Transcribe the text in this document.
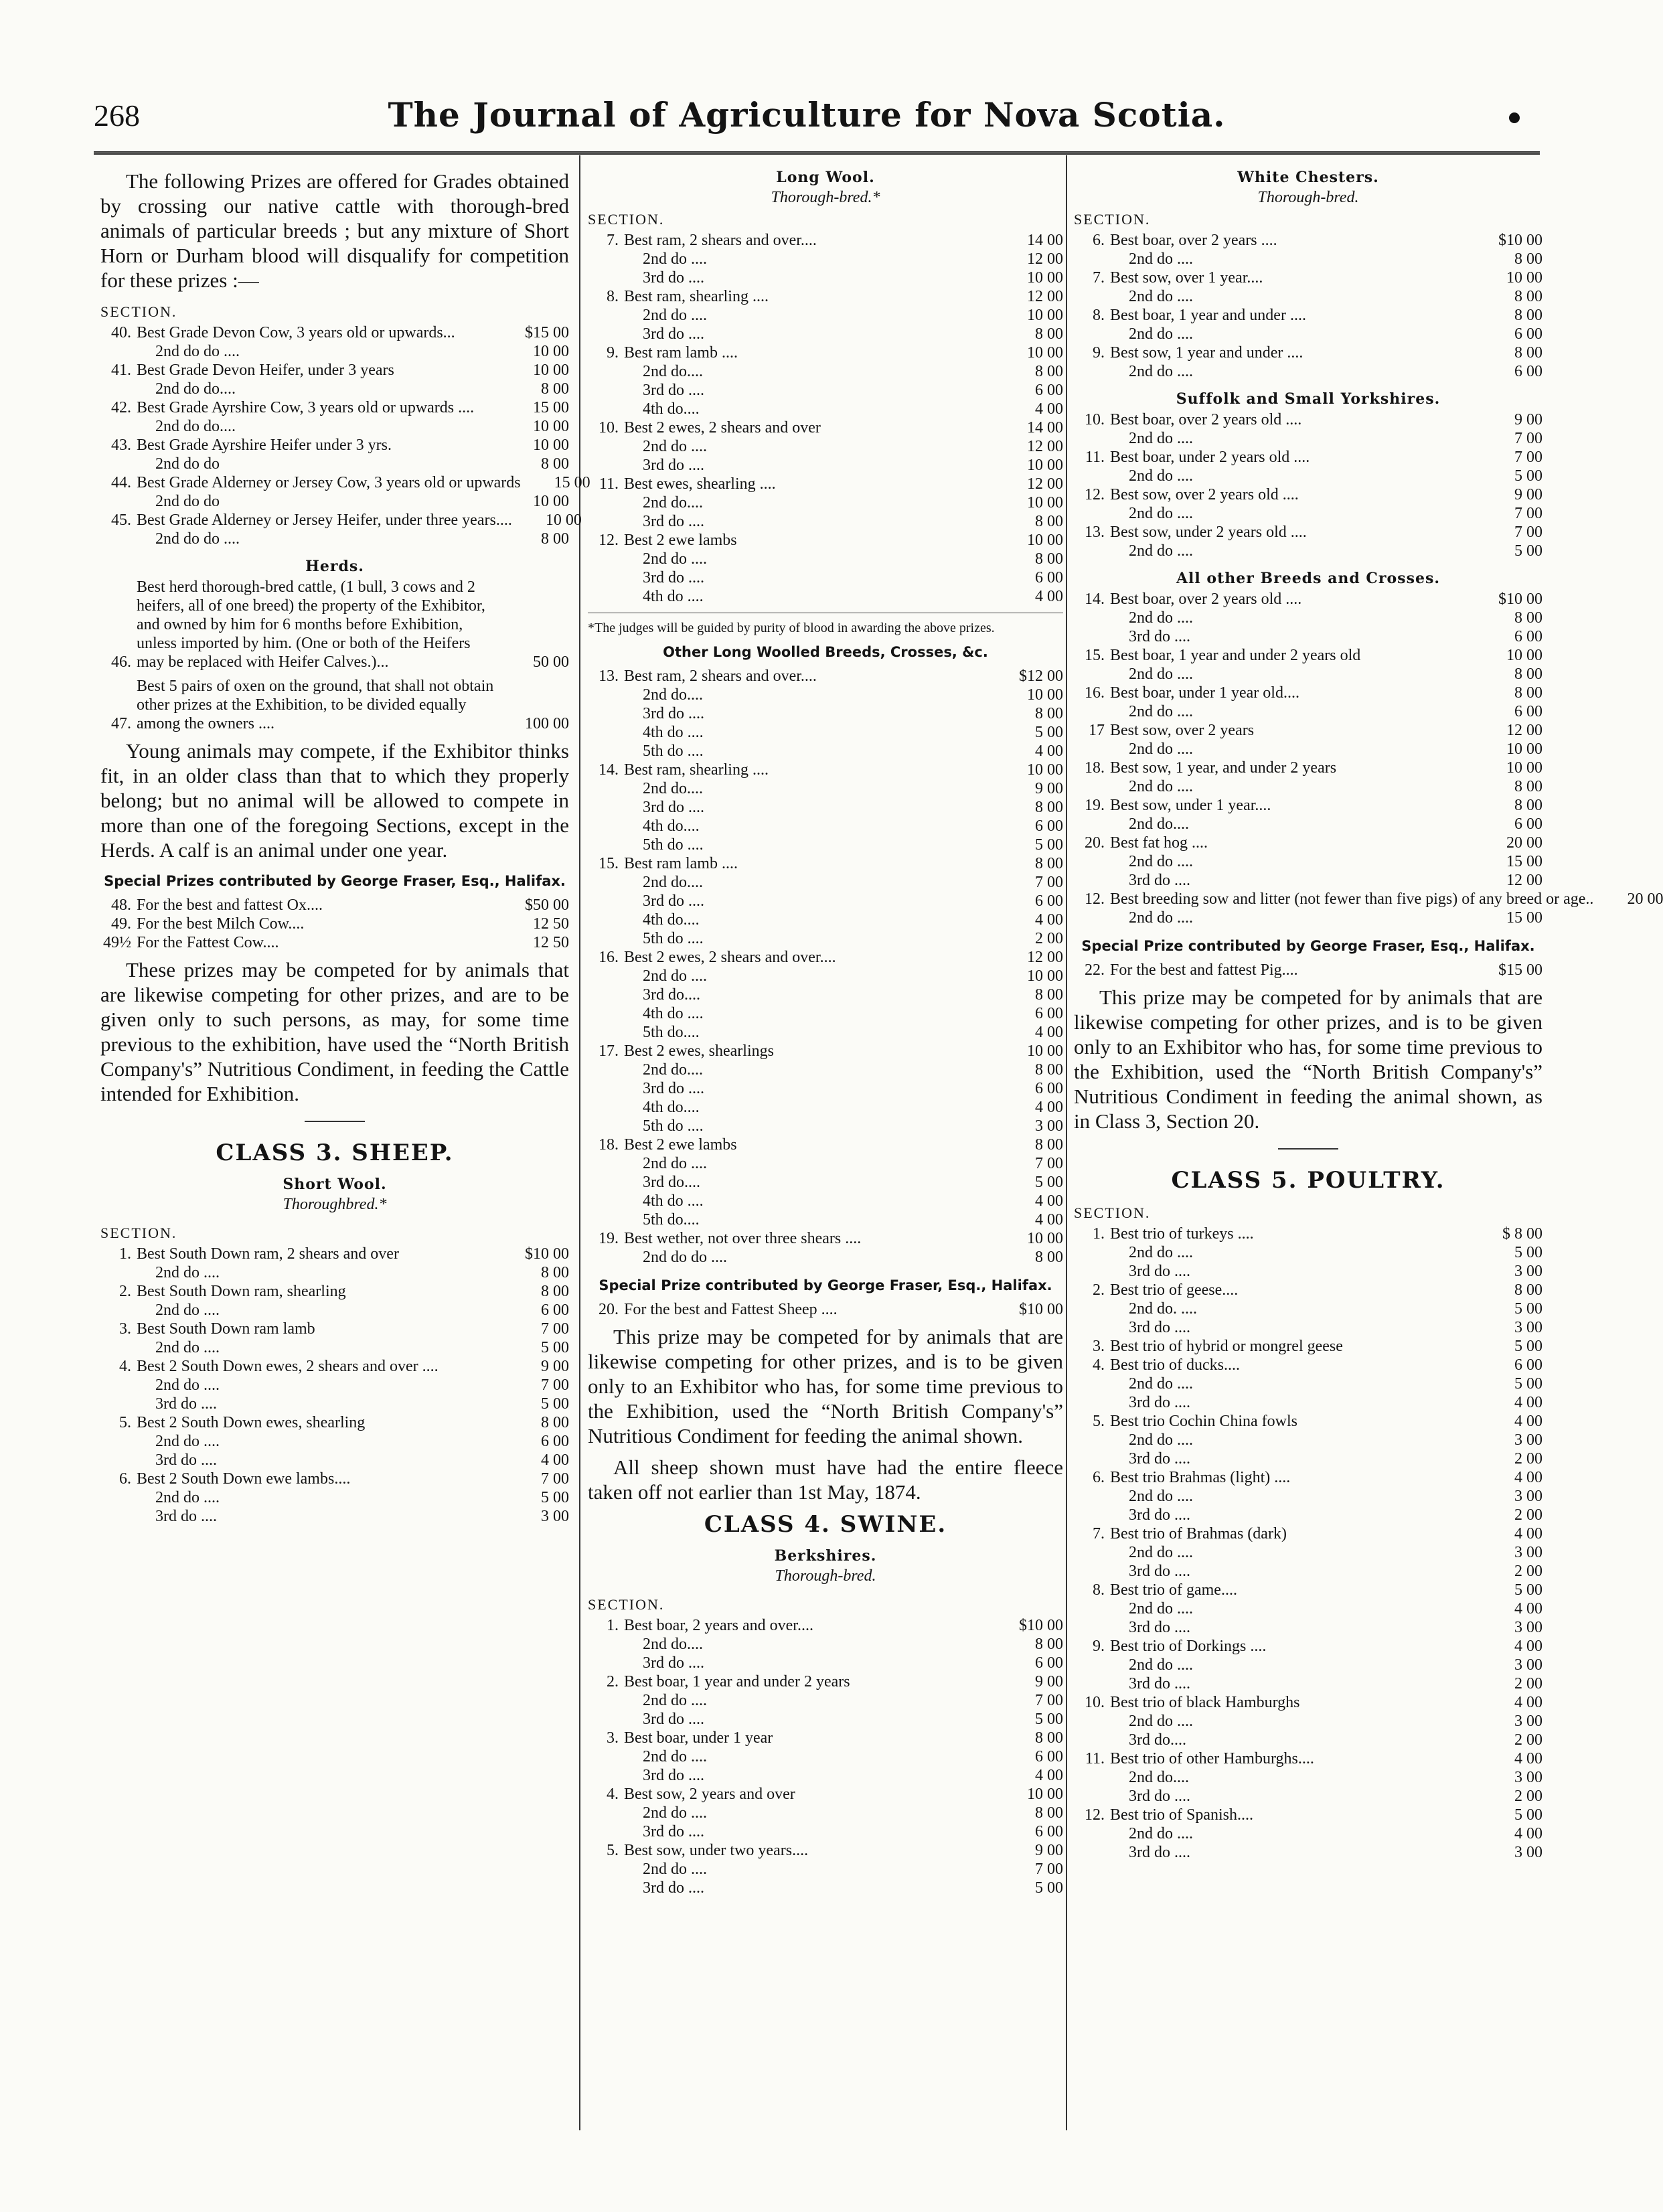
268	The Journal of Agriculture for Nova Scotia.

The following Prizes are offered for Grades obtained by crossing our native cattle with thorough-bred animals of particular breeds ; but any mixture of Short Horn or Durham blood will disqualify for competition for these prizes :—

SECTION.
40. Best Grade Devon Cow, 3 years old or upwards...	$15 00
2nd do do ....	10 00
41. Best Grade Devon Heifer, under 3 years	10 00
2nd do do....	8 00
42. Best Grade Ayrshire Cow, 3 years old or upwards ....	15 00
2nd do do....	10 00
43. Best Grade Ayrshire Heifer under 3 yrs.	10 00
2nd do do	8 00
44. Best Grade Alderney or Jersey Cow, 3 years old or upwards	15 00
2nd do do	10 00
45. Best Grade Alderney or Jersey Heifer, under three years....	10 00
2nd do do ....	8 00
Herds.
46.
Best herd thorough-bred cattle, (1 bull, 3 cows and 2 heifers, all of one breed) the property of the Exhibitor, and owned by him for 6 months before Exhibition, unless imported by him. (One or both of the Heifers may be replaced with Heifer Calves.)...	50 00
47.
Best 5 pairs of oxen on the ground, that shall not obtain other prizes at the Exhibition, to be divided equally among the owners ....	100 00

Young animals may compete, if the Exhibitor thinks fit, in an older class than that to which they properly belong; but no animal will be allowed to compete in more than one of the foregoing Sections, except in the Herds. A calf is an animal under one year.

Special Prizes contributed by George Fraser, Esq., Halifax.
48. For the best and fattest Ox....	$50 00
49. For the best Milch Cow....	12 50
49½ For the Fattest Cow....	12 50

These prizes may be competed for by animals that are likewise competing for other prizes, and are to be given only to such persons, as may, for some time previous to the exhibition, have used the “North British Company's” Nutritious Condiment, in feeding the Cattle intended for Exhibition.

CLASS 3. SHEEP.
Short Wool.
Thoroughbred.*
SECTION.
1. Best South Down ram, 2 shears and over	$10 00
2nd do ....	8 00
2. Best South Down ram, shearling	8 00
2nd do ....	6 00
3. Best South Down ram lamb	7 00
2nd do ....	5 00
4. Best 2 South Down ewes, 2 shears and over ....	9 00
2nd do ....	7 00
3rd do ....	5 00
5. Best 2 South Down ewes, shearling	8 00
2nd do ....	6 00
3rd do ....	4 00
6. Best 2 South Down ewe lambs....	7 00
2nd do ....	5 00
3rd do ....	3 00
Long Wool.
Thorough-bred.*
SECTION.
7. Best ram, 2 shears and over....	14 00
2nd do ....	12 00
3rd do ....	10 00
8. Best ram, shearling ....	12 00
2nd do ....	10 00
3rd do ....	8 00
9. Best ram lamb ....	10 00
2nd do....	8 00
3rd do ....	6 00
4th do....	4 00
10. Best 2 ewes, 2 shears and over	14 00
2nd do ....	12 00
3rd do ....	10 00
11. Best ewes, shearling ....	12 00
2nd do....	10 00
3rd do ....	8 00
12. Best 2 ewe lambs	10 00
2nd do ....	8 00
3rd do ....	6 00
4th do ....	4 00
*The judges will be guided by purity of blood in awarding the above prizes.
Other Long Woolled Breeds, Crosses, &c.
13. Best ram, 2 shears and over....	$12 00
2nd do....	10 00
3rd do ....	8 00
4th do ....	5 00
5th do ....	4 00
14. Best ram, shearling ....	10 00
2nd do....	9 00
3rd do ....	8 00
4th do....	6 00
5th do ....	5 00
15. Best ram lamb ....	8 00
2nd do....	7 00
3rd do ....	6 00
4th do....	4 00
5th do ....	2 00
16. Best 2 ewes, 2 shears and over....	12 00
2nd do ....	10 00
3rd do....	8 00
4th do ....	6 00
5th do....	4 00
17. Best 2 ewes, shearlings	10 00
2nd do....	8 00
3rd do ....	6 00
4th do....	4 00
5th do ....	3 00
18. Best 2 ewe lambs	8 00
2nd do ....	7 00
3rd do....	5 00
4th do ....	4 00
5th do....	4 00
19. Best wether, not over three shears ....	10 00
2nd do do ....	8 00
Special Prize contributed by George Fraser, Esq., Halifax.
20. For the best and Fattest Sheep ....	$10 00

This prize may be competed for by animals that are likewise competing for other prizes, and is to be given only to an Exhibitor who has, for some time previous to the Exhibition, used the “North British Company's” Nutritious Condiment for feeding the animal shown.

All sheep shown must have had the entire fleece taken off not earlier than 1st May, 1874.

CLASS 4. SWINE.
Berkshires.
Thorough-bred.
SECTION.
1. Best boar, 2 years and over....	$10 00
2nd do....	8 00
3rd do ....	6 00
2. Best boar, 1 year and under 2 years	9 00
2nd do ....	7 00
3rd do ....	5 00
3. Best boar, under 1 year	8 00
2nd do ....	6 00
3rd do ....	4 00
4. Best sow, 2 years and over	10 00
2nd do ....	8 00
3rd do ....	6 00
5. Best sow, under two years....	9 00
2nd do ....	7 00
3rd do ....	5 00
White Chesters.
Thorough-bred.
SECTION.
6. Best boar, over 2 years ....	$10 00
2nd do ....	8 00
7. Best sow, over 1 year....	10 00
2nd do ....	8 00
8. Best boar, 1 year and under ....	8 00
2nd do ....	6 00
9. Best sow, 1 year and under ....	8 00
2nd do ....	6 00
Suffolk and Small Yorkshires.
10. Best boar, over 2 years old ....	9 00
2nd do ....	7 00
11. Best boar, under 2 years old ....	7 00
2nd do ....	5 00
12. Best sow, over 2 years old ....	9 00
2nd do ....	7 00
13. Best sow, under 2 years old ....	7 00
2nd do ....	5 00
All other Breeds and Crosses.
14. Best boar, over 2 years old ....	$10 00
2nd do ....	8 00
3rd do ....	6 00
15. Best boar, 1 year and under 2 years old	10 00
2nd do ....	8 00
16. Best boar, under 1 year old....	8 00
2nd do ....	6 00
17 Best sow, over 2 years	12 00
2nd do ....	10 00
18. Best sow, 1 year, and under 2 years	10 00
2nd do ....	8 00
19. Best sow, under 1 year....	8 00
2nd do....	6 00
20. Best fat hog ....	20 00
2nd do ....	15 00
3rd do ....	12 00
12. Best breeding sow and litter (not fewer than five pigs) of any breed or age..	20 00
2nd do ....	15 00
Special Prize contributed by George Fraser, Esq., Halifax.
22. For the best and fattest Pig....	$15 00

This prize may be competed for by animals that are likewise competing for other prizes, and is to be given only to an Exhibitor who has, for some time previous to the Exhibition, used the “North British Company's” Nutritious Condiment in feeding the animal shown, as in Class 3, Section 20.

CLASS 5. POULTRY.
SECTION.
1. Best trio of turkeys ....	$ 8 00
2nd do ....	5 00
3rd do ....	3 00
2. Best trio of geese....	8 00
2nd do. ....	5 00
3rd do ....	3 00
3. Best trio of hybrid or mongrel geese	5 00
4. Best trio of ducks....	6 00
2nd do ....	5 00
3rd do ....	4 00
5. Best trio Cochin China fowls	4 00
2nd do ....	3 00
3rd do ....	2 00
6. Best trio Brahmas (light) ....	4 00
2nd do ....	3 00
3rd do ....	2 00
7. Best trio of Brahmas (dark)	4 00
2nd do ....	3 00
3rd do ....	2 00
8. Best trio of game....	5 00
2nd do ....	4 00
3rd do ....	3 00
9. Best trio of Dorkings ....	4 00
2nd do ....	3 00
3rd do ....	2 00
10. Best trio of black Hamburghs	4 00
2nd do ....	3 00
3rd do....	2 00
11. Best trio of other Hamburghs....	4 00
2nd do....	3 00
3rd do ....	2 00
12. Best trio of Spanish....	5 00
2nd do ....	4 00
3rd do ....	3 00
